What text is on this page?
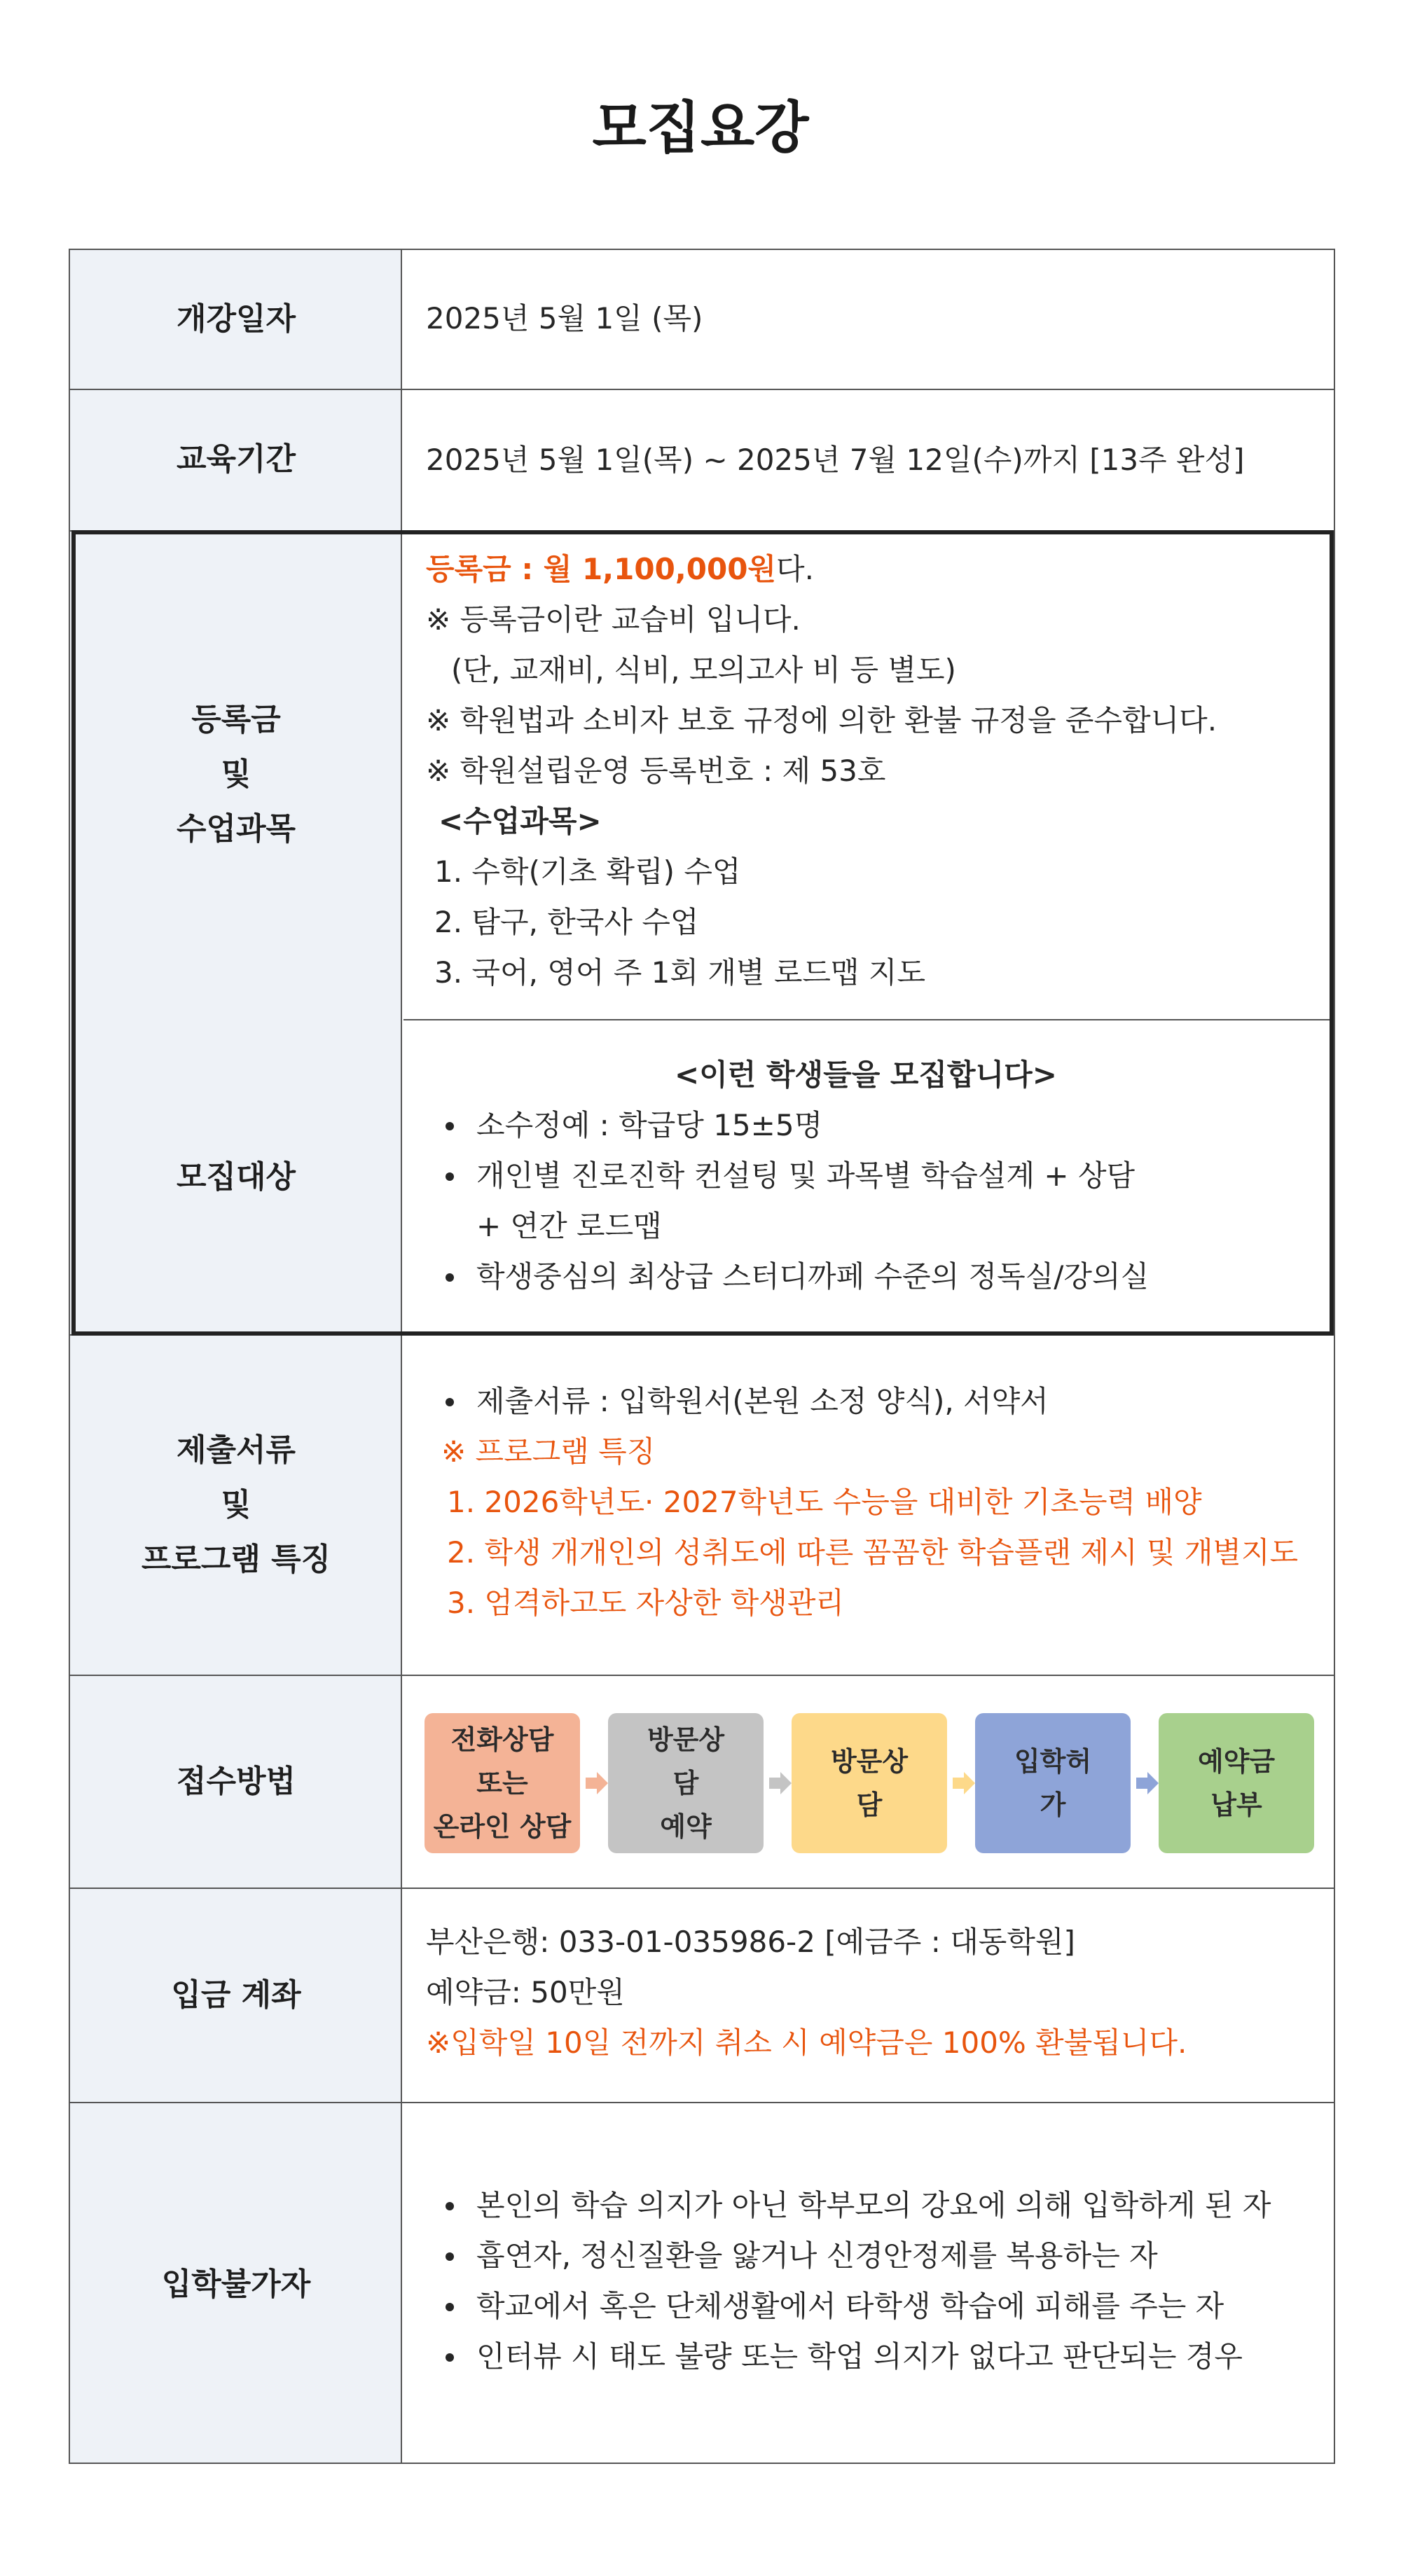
모집요강
개강일자	2025년 5월 1일 (목)
교육기간	2025년 5월 1일(목) ~ 2025년 7월 12일(수)까지 [13주 완성]
등록금
및
수업과목
등록금 : 월 1,100,000원다.
※ 등록금이란 교습비 입니다.
(단, 교재비, 식비, 모의고사 비 등 별도)
※ 학원법과 소비자 보호 규정에 의한 환불 규정을 준수합니다.
※ 학원설립운영 등록번호 : 제 53호
<수업과목>
1. 수학(기초 확립) 수업
2. 탐구, 한국사 수업
3. 국어, 영어 주 1회 개별 로드맵 지도
모집대상
<이런 학생들을 모집합니다>
소수정예 : 학급당 15±5명
개인별 진로진학 컨설팅 및 과목별 학습설계 + 상담
+ 연간 로드맵
학생중심의 최상급 스터디까페 수준의 정독실/강의실
제출서류
및
프로그램 특징
제출서류 : 입학원서(본원 소정 양식), 서약서
※ 프로그램 특징
1. 2026학년도· 2027학년도 수능을 대비한 기초능력 배양
2. 학생 개개인의 성취도에 따른 꼼꼼한 학습플랜 제시 및 개별지도
3. 엄격하고도 자상한 학생관리
접수방법
입금 계좌
부산은행: 033-01-035986-2 [예금주 : 대동학원]
예약금: 50만원
※입학일 10일 전까지 취소 시 예약금은 100% 환불됩니다.
입학불가자
본인의 학습 의지가 아닌 학부모의 강요에 의해 입학하게 된 자
흡연자, 정신질환을 앓거나 신경안정제를 복용하는 자
학교에서 혹은 단체생활에서 타학생 학습에 피해를 주는 자
인터뷰 시 태도 불량 또는 학업 의지가 없다고 판단되는 경우
전화상담
또는
온라인 상담
방문상
담
예약
방문상
담
입학허
가
예약금
납부
